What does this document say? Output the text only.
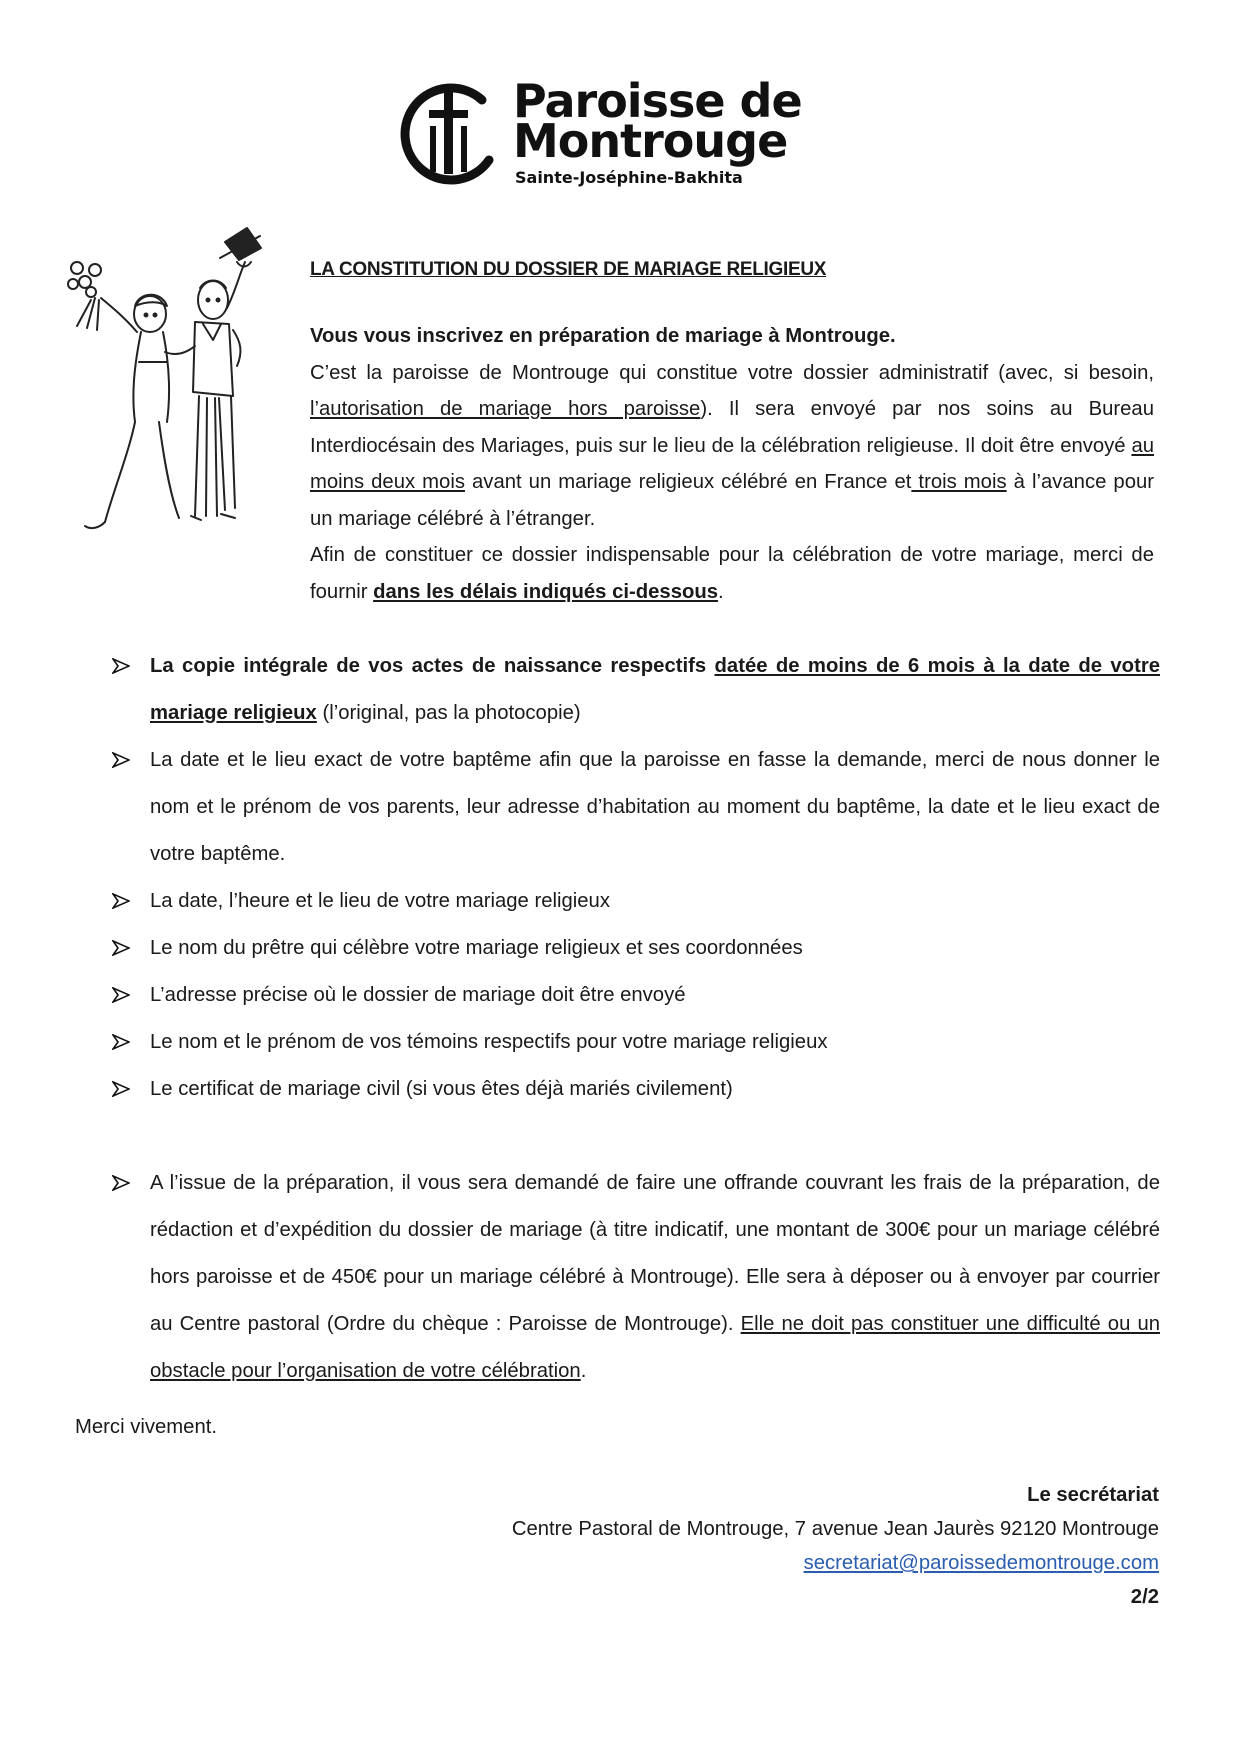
Paroisse de
Montrouge
Sainte-Joséphine-Bakhita
LA CONSTITUTION DU DOSSIER DE MARIAGE RELIGIEUX

Vous vous inscrivez en préparation de mariage à Montrouge.

C’est la paroisse de Montrouge qui constitue votre dossier administratif (avec, si besoin, l’autorisation de mariage hors paroisse). Il sera envoyé par nos soins au Bureau Interdiocésain des Mariages, puis sur le lieu de la célébration religieuse. Il doit être envoyé au moins deux mois avant un mariage religieux célébré en France et trois mois à l’avance pour un mariage célébré à l’étranger.

Afin de constituer ce dossier indispensable pour la célébration de votre mariage, merci de fournir dans les délais indiqués ci-dessous.

La copie intégrale de vos actes de naissance respectifs datée de moins de 6 mois à la date de votre mariage religieux (l’original, pas la photocopie)
La date et le lieu exact de votre baptême afin que la paroisse en fasse la demande, merci de nous donner le nom et le prénom de vos parents, leur adresse d’habitation au moment du baptême, la date et le lieu exact de votre baptême.
La date, l’heure et le lieu de votre mariage religieux
Le nom du prêtre qui célèbre votre mariage religieux et ses coordonnées
L’adresse précise où le dossier de mariage doit être envoyé
Le nom et le prénom de vos témoins respectifs pour votre mariage religieux
Le certificat de mariage civil (si vous êtes déjà mariés civilement)
A l’issue de la préparation, il vous sera demandé de faire une offrande couvrant les frais de la préparation, de rédaction et d’expédition du dossier de mariage (à titre indicatif, une montant de 300€ pour un mariage célébré hors paroisse et de 450€ pour un mariage célébré à Montrouge). Elle sera à déposer ou à envoyer par courrier au Centre pastoral (Ordre du chèque : Paroisse de Montrouge). Elle ne doit pas constituer une difficulté ou un obstacle pour l’organisation de votre célébration.
Merci vivement.
Le secrétariat
Centre Pastoral de Montrouge, 7 avenue Jean Jaurès 92120 Montrouge
secretariat@paroissedemontrouge.com
2/2
